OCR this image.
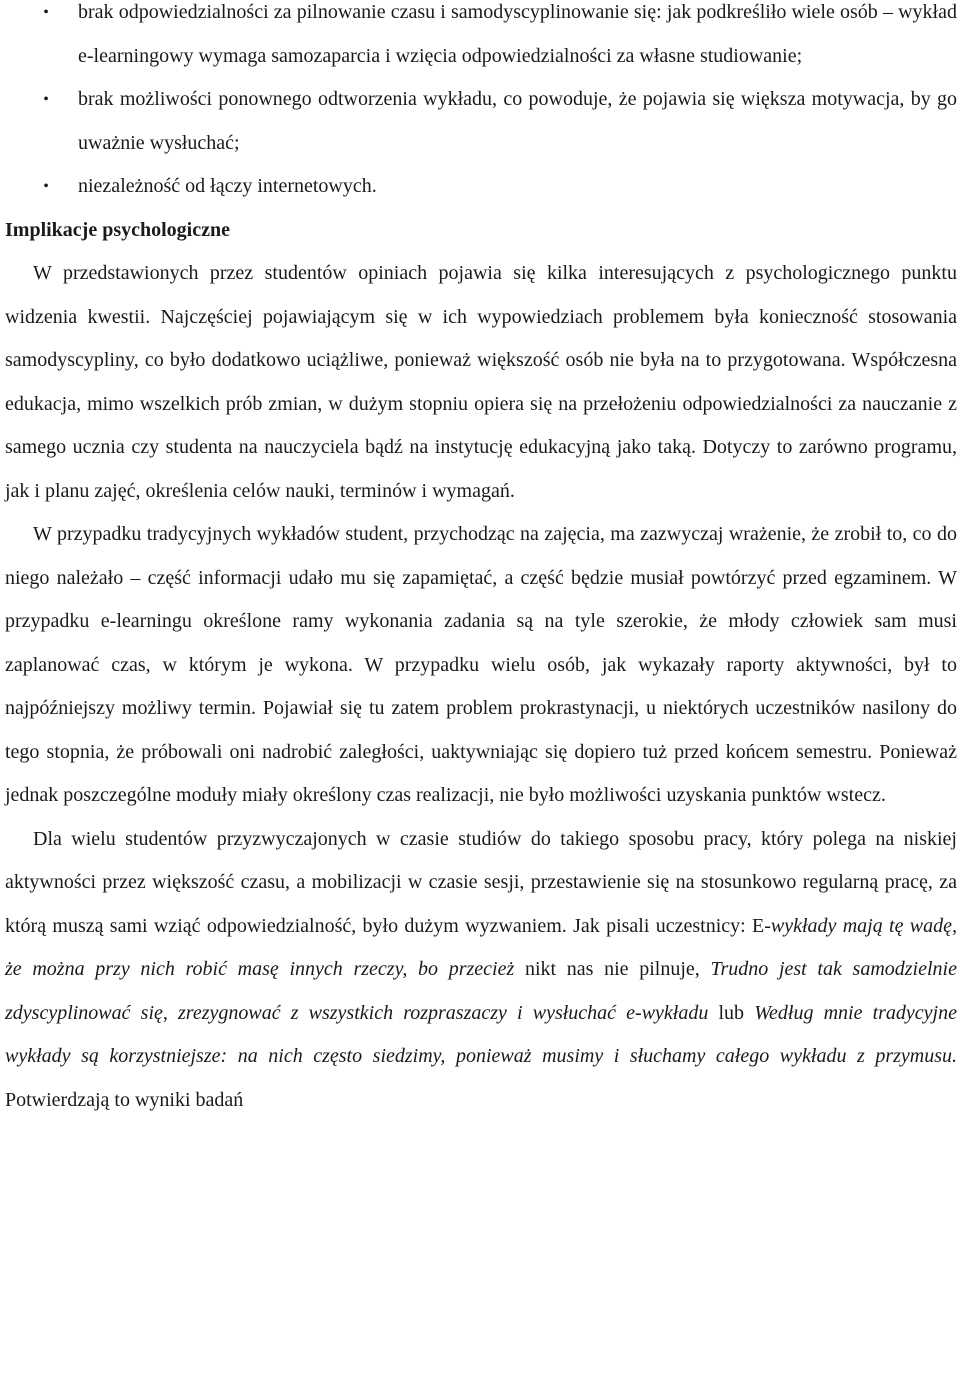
•	brak odpowiedzialności za pilnowanie czasu i samodyscyplinowanie się: jak podkreśliło wiele osób – wykład e-learningowy wymaga samozaparcia i wzięcia odpowiedzialności za własne studiowanie;
•	brak możliwości ponownego odtworzenia wykładu, co powoduje, że pojawia się większa motywacja, by go uważnie wysłuchać;
•	niezależność od łączy internetowych.
Implikacje psychologiczne

W przedstawionych przez studentów opiniach pojawia się kilka interesujących z psychologicznego punktu widzenia kwestii. Najczęściej pojawiającym się w ich wypowiedziach problemem była konieczność stosowania samodyscypliny, co było dodatkowo uciążliwe, ponieważ większość osób nie była na to przygotowana. Współczesna edukacja, mimo wszelkich prób zmian, w dużym stopniu opiera się na przełożeniu odpowiedzialności za nauczanie z samego ucznia czy studenta na nauczyciela bądź na instytucję edukacyjną jako taką. Dotyczy to zarówno programu, jak i planu zajęć, określenia celów nauki, terminów i wymagań.

W przypadku tradycyjnych wykładów student, przychodząc na zajęcia, ma zazwyczaj wrażenie, że zrobił to, co do niego należało – część informacji udało mu się zapamiętać, a część będzie musiał powtórzyć przed egzaminem. W przypadku e-learningu określone ramy wykonania zadania są na tyle szerokie, że młody człowiek sam musi zaplanować czas, w którym je wykona. W przypadku wielu osób, jak wykazały raporty aktywności, był to najpóźniejszy możliwy termin. Pojawiał się tu zatem problem prokrastynacji, u niektórych uczestników nasilony do tego stopnia, że próbowali oni nadrobić zaległości, uaktywniając się dopiero tuż przed końcem semestru. Ponieważ jednak poszczególne moduły miały określony czas realizacji, nie było możliwości uzyskania punktów wstecz.

Dla wielu studentów przyzwyczajonych w czasie studiów do takiego sposobu pracy, który polega na niskiej aktywności przez większość czasu, a mobilizacji w czasie sesji, przestawienie się na stosunkowo regularną pracę, za którą muszą sami wziąć odpowiedzialność, było dużym wyzwaniem. Jak pisali uczestnicy: E-wykłady mają tę wadę, że można przy nich robić masę innych rzeczy, bo przecież nikt nas nie pilnuje, Trudno jest tak samodzielnie zdyscyplinować się, zrezygnować z wszystkich rozpraszaczy i wysłuchać e-wykładu lub Według mnie tradycyjne wykłady są korzystniejsze: na nich często siedzimy, ponieważ musimy i słuchamy całego wykładu z przymusu. Potwierdzają to wyniki badań
